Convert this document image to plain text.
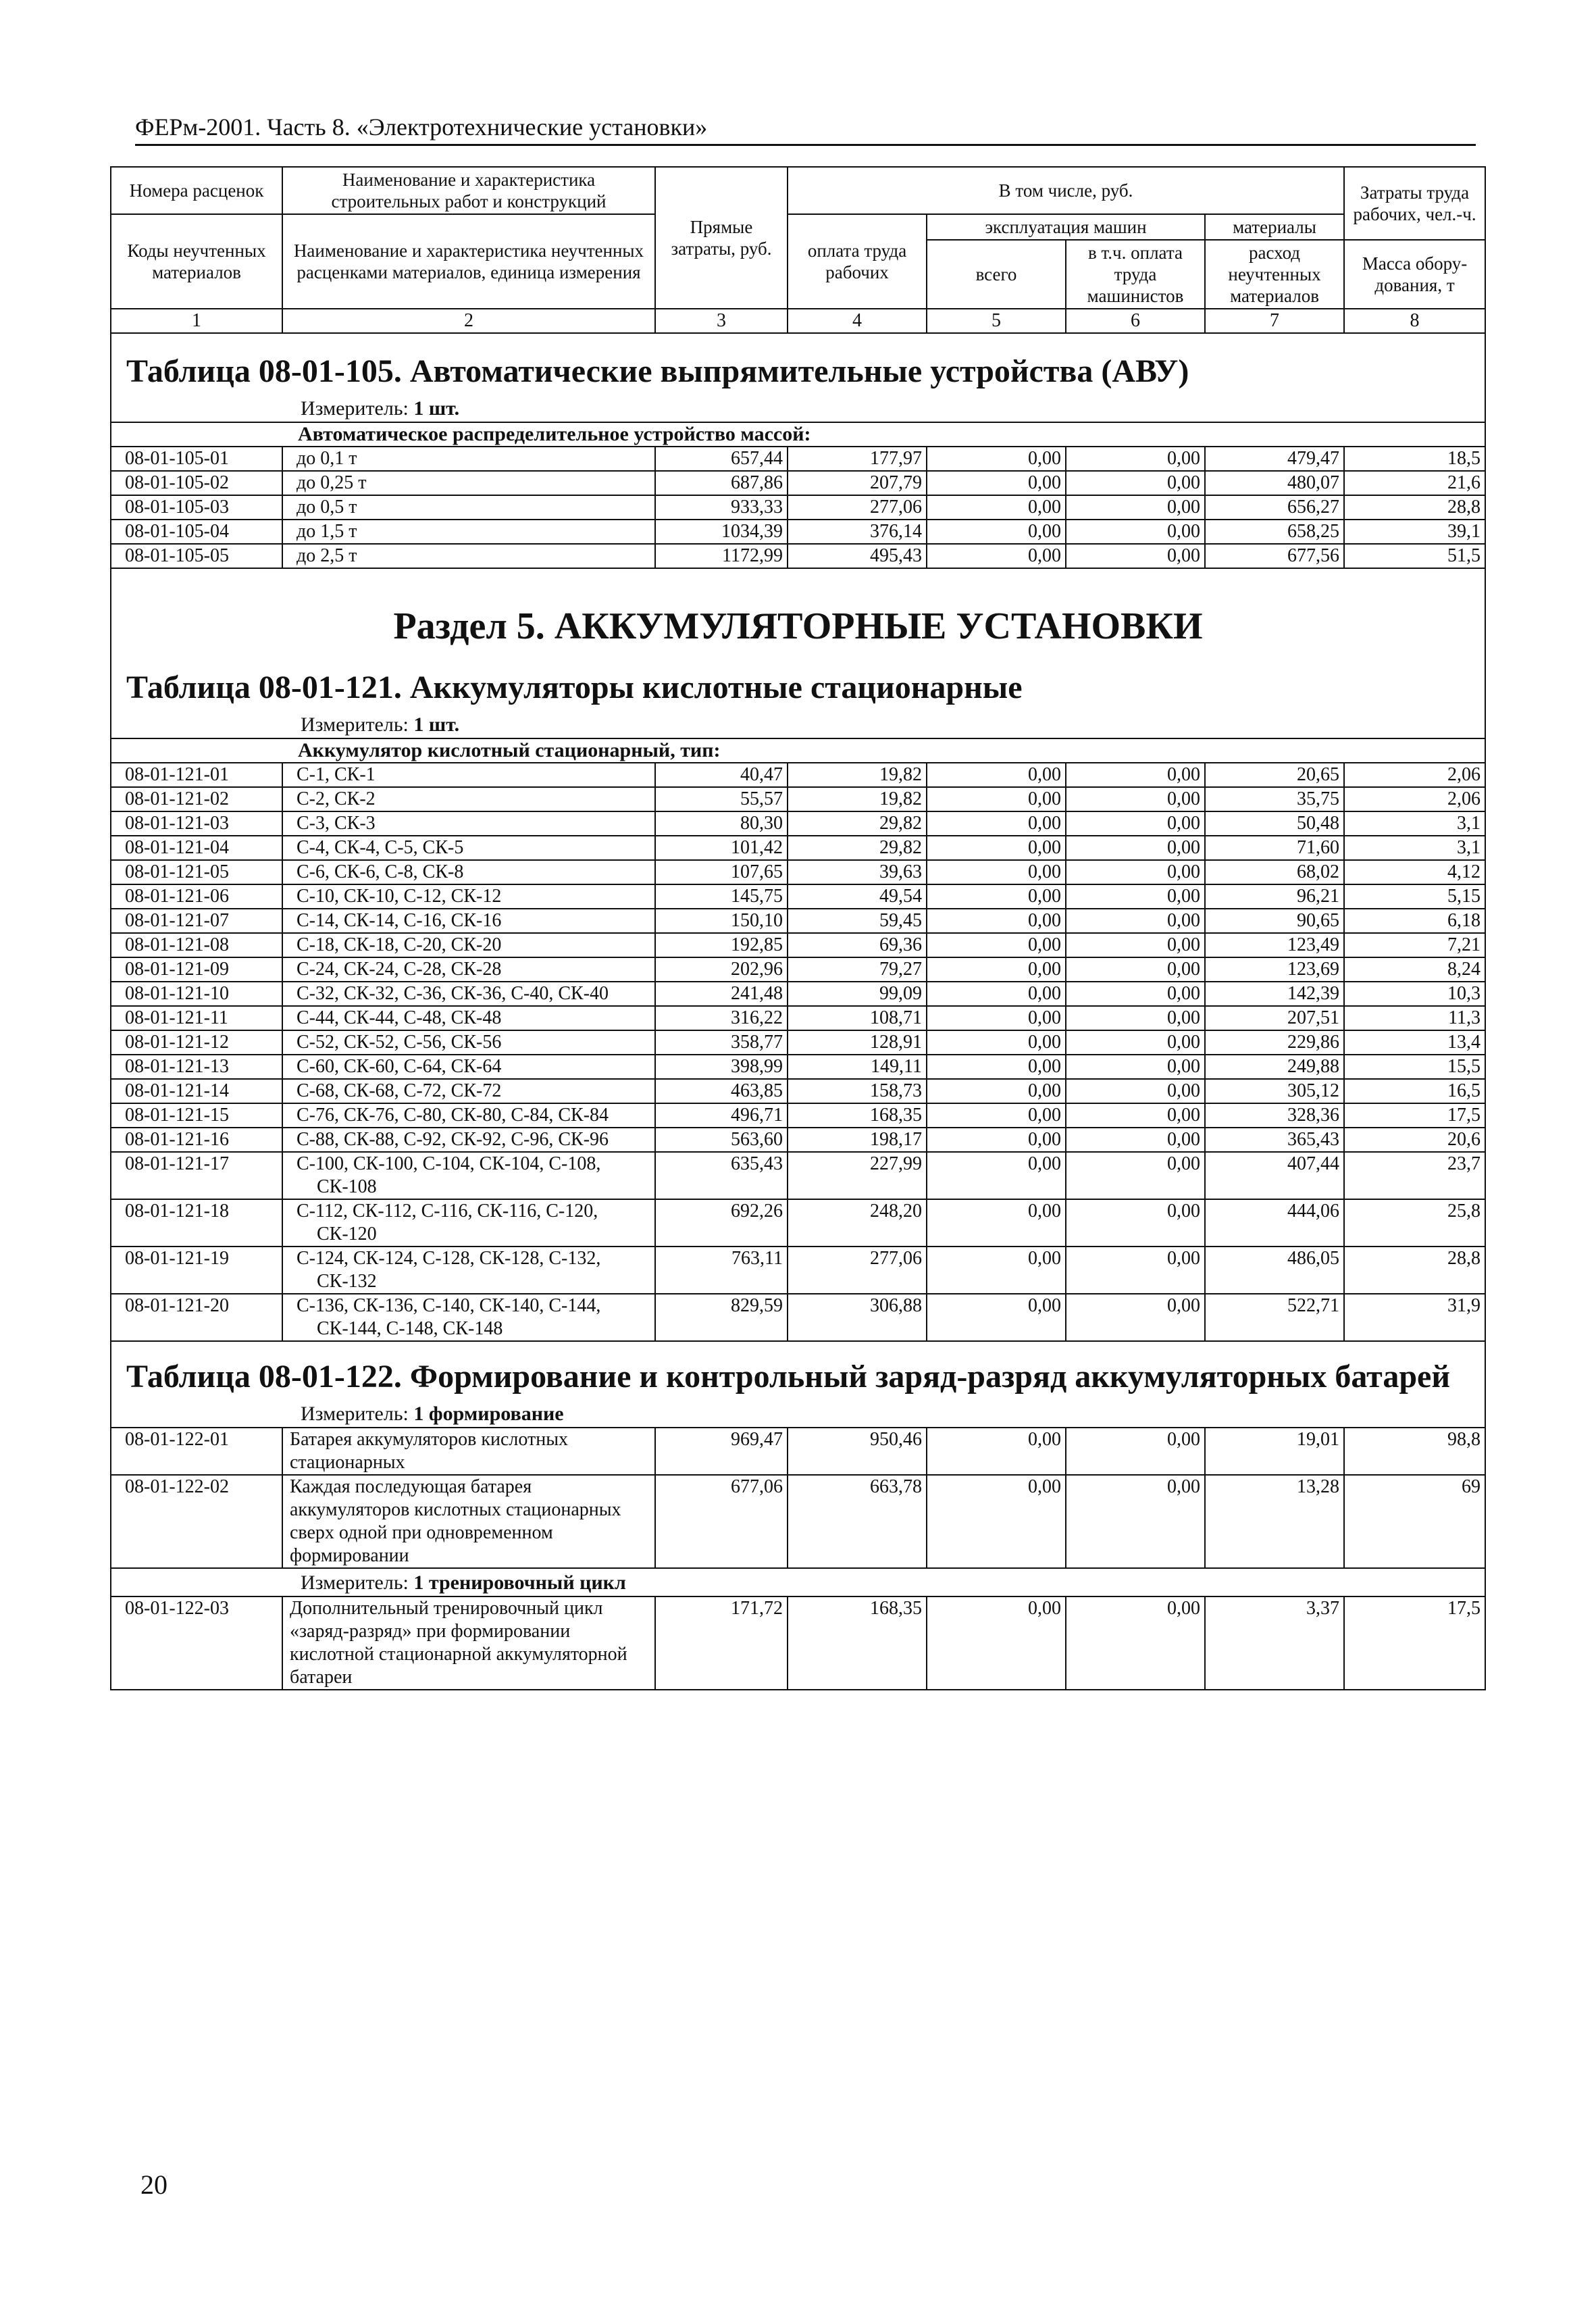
ФЕРм-2001. Часть 8. «Электротехнические установки»
Номера расценок	Наименование и характеристика строительных работ и конструкций	Прямые затраты, руб.	В том числе, руб.				Затраты труда рабочих, чел.-ч.
Коды неучтенных материалов	Наименование и характеристика неучтенных расценками материалов, единица измерения		оплата труда рабочих	эксплуатация машин		материалы	
				всего	в т.ч. оплата труда машинистов	расход неучтенных материалов	
							Масса обору-дования, т
1	2	3	4	5	6	7	8
Таблица 08-01-105. Автоматические выпрямительные устройства (АВУ)							
Измеритель: 1 шт.							
Автоматическое распределительное устройство массой:							
08-01-105-01	до 0,1 т	657,44	177,97	0,00	0,00	479,47	18,5
08-01-105-02	до 0,25 т	687,86	207,79	0,00	0,00	480,07	21,6
08-01-105-03	до 0,5 т	933,33	277,06	0,00	0,00	656,27	28,8
08-01-105-04	до 1,5 т	1034,39	376,14	0,00	0,00	658,25	39,1
08-01-105-05	до 2,5 т	1172,99	495,43	0,00	0,00	677,56	51,5
Раздел 5. АККУМУЛЯТОРНЫЕ УСТАНОВКИ							
Таблица 08-01-121. Аккумуляторы кислотные стационарные							
Измеритель: 1 шт.							
Аккумулятор кислотный стационарный, тип:							
08-01-121-01	С-1, СК-1	40,47	19,82	0,00	0,00	20,65	2,06
08-01-121-02	С-2, СК-2	55,57	19,82	0,00	0,00	35,75	2,06
08-01-121-03	С-3, СК-3	80,30	29,82	0,00	0,00	50,48	3,1
08-01-121-04	С-4, СК-4, С-5, СК-5	101,42	29,82	0,00	0,00	71,60	3,1
08-01-121-05	С-6, СК-6, С-8, СК-8	107,65	39,63	0,00	0,00	68,02	4,12
08-01-121-06	С-10, СК-10, С-12, СК-12	145,75	49,54	0,00	0,00	96,21	5,15
08-01-121-07	С-14, СК-14, С-16, СК-16	150,10	59,45	0,00	0,00	90,65	6,18
08-01-121-08	С-18, СК-18, С-20, СК-20	192,85	69,36	0,00	0,00	123,49	7,21
08-01-121-09	С-24, СК-24, С-28, СК-28	202,96	79,27	0,00	0,00	123,69	8,24
08-01-121-10	С-32, СК-32, С-36, СК-36, С-40, СК-40	241,48	99,09	0,00	0,00	142,39	10,3
08-01-121-11	С-44, СК-44, С-48, СК-48	316,22	108,71	0,00	0,00	207,51	11,3
08-01-121-12	С-52, СК-52, С-56, СК-56	358,77	128,91	0,00	0,00	229,86	13,4
08-01-121-13	С-60, СК-60, С-64, СК-64	398,99	149,11	0,00	0,00	249,88	15,5
08-01-121-14	С-68, СК-68, С-72, СК-72	463,85	158,73	0,00	0,00	305,12	16,5
08-01-121-15	С-76, СК-76, С-80, СК-80, С-84, СК-84	496,71	168,35	0,00	0,00	328,36	17,5
08-01-121-16	С-88, СК-88, С-92, СК-92, С-96, СК-96	563,60	198,17	0,00	0,00	365,43	20,6
08-01-121-17	С-100, СК-100, С-104, СК-104, С-108, СК-108	635,43	227,99	0,00	0,00	407,44	23,7
08-01-121-18	С-112, СК-112, С-116, СК-116, С-120, СК-120	692,26	248,20	0,00	0,00	444,06	25,8
08-01-121-19	С-124, СК-124, С-128, СК-128, С-132, СК-132	763,11	277,06	0,00	0,00	486,05	28,8
08-01-121-20	С-136, СК-136, С-140, СК-140, С-144, СК-144, С-148, СК-148	829,59	306,88	0,00	0,00	522,71	31,9

Таблица 08-01-122. Формирование и контрольный заряд-разряд аккумуляторных батарей							
Измеритель: 1 формирование							
08-01-122-01	Батарея аккумуляторов кислотных стационарных	969,47	950,46	0,00	0,00	19,01	98,8
08-01-122-02	Каждая последующая батарея аккумуляторов кислотных стационарных сверх одной при одновременном формировании	677,06	663,78	0,00	0,00	13,28	69
Измеритель: 1 тренировочный цикл							
08-01-122-03	Дополнительный тренировочный цикл «заряд-разряд» при формировании кислотной стационарной аккумуляторной батареи	171,72	168,35	0,00	0,00	3,37	17,5
20
